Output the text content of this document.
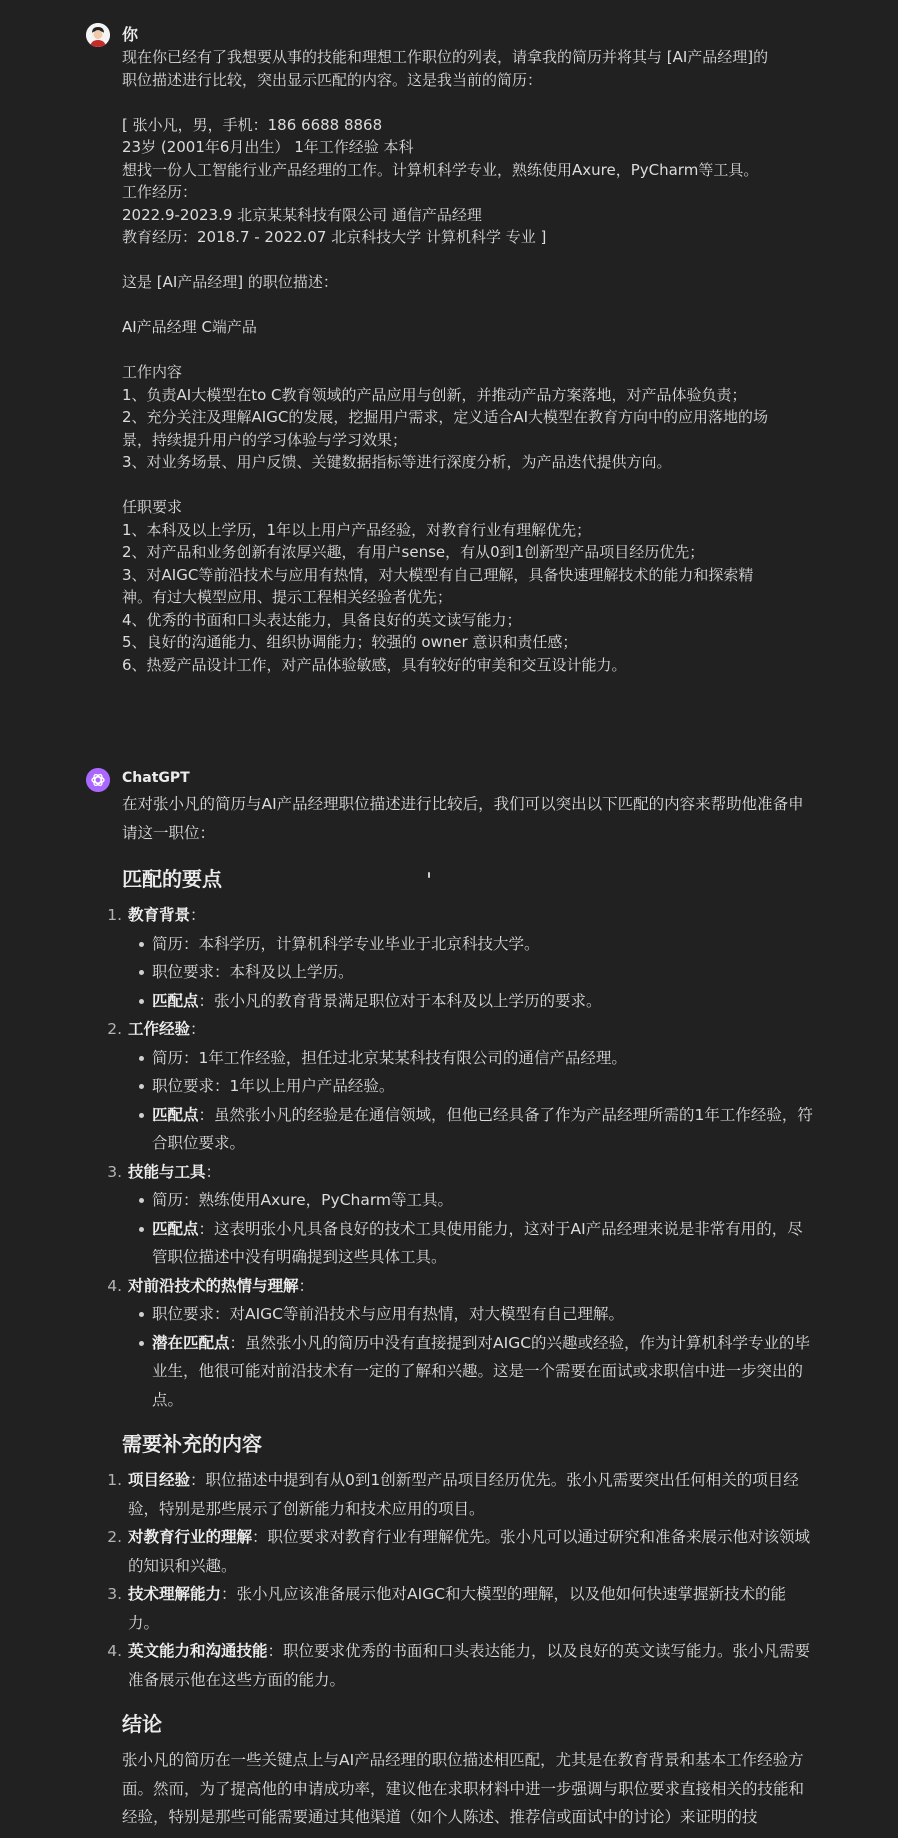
你
现在你已经有了我想要从事的技能和理想工作职位的列表，请拿我的简历并将其与 [AI产品经理]的
职位描述进行比较，突出显示匹配的内容。这是我当前的简历：
[ 张小凡，男，手机：186 6688 8868
23岁 (2001年6月出生） 1年工作经验 本科
想找一份人工智能行业产品经理的工作。计算机科学专业，熟练使用Axure，PyCharm等工具。
工作经历：
2022.9-2023.9 北京某某科技有限公司 通信产品经理
教育经历：2018.7 - 2022.07 北京科技大学 计算机科学 专业 ]
这是 [AI产品经理] 的职位描述：
AI产品经理 C端产品
工作内容
1、负责AI大模型在to C教育领域的产品应用与创新，并推动产品方案落地，对产品体验负责；
2、充分关注及理解AIGC的发展，挖掘用户需求，定义适合AI大模型在教育方向中的应用落地的场
景，持续提升用户的学习体验与学习效果；
3、对业务场景、用户反馈、关键数据指标等进行深度分析，为产品迭代提供方向。
任职要求
1、本科及以上学历，1年以上用户产品经验，对教育行业有理解优先；
2、对产品和业务创新有浓厚兴趣，有用户sense，有从0到1创新型产品项目经历优先；
3、对AIGC等前沿技术与应用有热情，对大模型有自己理解，具备快速理解技术的能力和探索精
神。有过大模型应用、提示工程相关经验者优先；
4、优秀的书面和口头表达能力，具备良好的英文读写能力；
5、良好的沟通能力、组织协调能力；较强的 owner 意识和责任感；
6、热爱产品设计工作，对产品体验敏感，具有较好的审美和交互设计能力。
ChatGPT

在对张小凡的简历与AI产品经理职位描述进行比较后，我们可以突出以下匹配的内容来帮助他准备申请这一职位：

匹配的要点
1. 教育背景：
简历：本科学历，计算机科学专业毕业于北京科技大学。
职位要求：本科及以上学历。
匹配点：张小凡的教育背景满足职位对于本科及以上学历的要求。
2. 工作经验：
简历：1年工作经验，担任过北京某某科技有限公司的通信产品经理。
职位要求：1年以上用户产品经验。
匹配点：虽然张小凡的经验是在通信领域，但他已经具备了作为产品经理所需的1年工作经验，符合职位要求。
3. 技能与工具：
简历：熟练使用Axure，PyCharm等工具。
匹配点：这表明张小凡具备良好的技术工具使用能力，这对于AI产品经理来说是非常有用的，尽管职位描述中没有明确提到这些具体工具。
4. 对前沿技术的热情与理解：
职位要求：对AIGC等前沿技术与应用有热情，对大模型有自己理解。
潜在匹配点：虽然张小凡的简历中没有直接提到对AIGC的兴趣或经验，作为计算机科学专业的毕业生，他很可能对前沿技术有一定的了解和兴趣。这是一个需要在面试或求职信中进一步突出的点。
需要补充的内容
1. 项目经验：职位描述中提到有从0到1创新型产品项目经历优先。张小凡需要突出任何相关的项目经验，特别是那些展示了创新能力和技术应用的项目。
2. 对教育行业的理解：职位要求对教育行业有理解优先。张小凡可以通过研究和准备来展示他对该领域的知识和兴趣。
3. 技术理解能力：张小凡应该准备展示他对AIGC和大模型的理解，以及他如何快速掌握新技术的能力。
4. 英文能力和沟通技能：职位要求优秀的书面和口头表达能力，以及良好的英文读写能力。张小凡需要准备展示他在这些方面的能力。
结论

张小凡的简历在一些关键点上与AI产品经理的职位描述相匹配，尤其是在教育背景和基本工作经验方面。然而，为了提高他的申请成功率，建议他在求职材料中进一步强调与职位要求直接相关的技能和经验，特别是那些可能需要通过其他渠道（如个人陈述、推荐信或面试中的讨论）来证明的技
